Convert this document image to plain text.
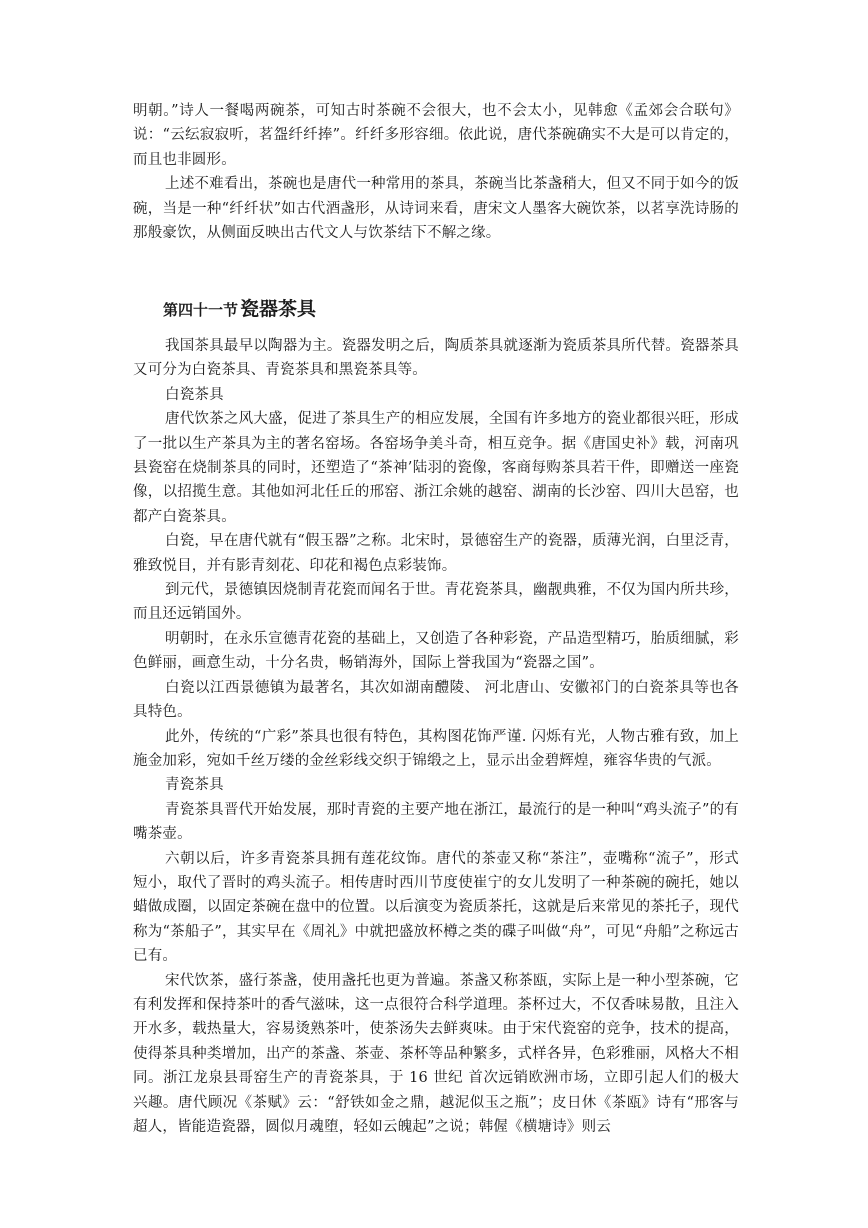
明朝。”诗人一餐喝两碗茶，可知古时茶碗不会很大，也不会太小，见韩愈《孟郊会合联句》说：“云纭寂寂听，茗盌纤纤捧”。纤纤多形容细。依此说，唐代茶碗确实不大是可以肯定的，而且也非圆形。

上述不难看出，茶碗也是唐代一种常用的茶具，茶碗当比茶盏稍大，但又不同于如今的饭碗，当是一种“纤纤状”如古代酒盏形，从诗词来看，唐宋文人墨客大碗饮茶，以茗享洗诗肠的那般豪饮，从侧面反映出古代文人与饮茶结下不解之缘。

第四十一节 瓷器茶具

我国茶具最早以陶器为主。瓷器发明之后，陶质茶具就逐渐为瓷质茶具所代替。瓷器茶具又可分为白瓷茶具、青瓷茶具和黑瓷茶具等。

白瓷茶具

唐代饮茶之风大盛，促进了茶具生产的相应发展，全国有许多地方的瓷业都很兴旺，形成了一批以生产茶具为主的著名窑场。各窑场争美斗奇，相互竞争。据《唐国史补》载，河南巩县瓷窑在烧制茶具的同时，还塑造了“茶神’陆羽的瓷像，客商每购茶具若干件，即赠送一座瓷像，以招揽生意。其他如河北任丘的邢窑、浙江余姚的越窑、湖南的长沙窑、四川大邑窑，也都产白瓷茶具。

白瓷，早在唐代就有“假玉器”之称。北宋时，景德窑生产的瓷器，质薄光润，白里泛青，雅致悦目，并有影青刻花、印花和褐色点彩装饰。

到元代，景德镇因烧制青花瓷而闻名于世。青花瓷茶具，幽靓典雅，不仅为国内所共珍，而且还远销国外。

明朝时，在永乐宣德青花瓷的基础上，又创造了各种彩瓷，产品造型精巧，胎质细腻，彩色鲜丽，画意生动，十分名贵，畅销海外，国际上誉我国为“瓷器之国”。

白瓷以江西景德镇为最著名，其次如湖南醴陵、 河北唐山、安徽祁门的白瓷茶具等也各具特色。

此外，传统的“广彩”茶具也很有特色，其构图花饰严谨. 闪烁有光，人物古雅有致，加上施金加彩，宛如千丝万缕的金丝彩线交织于锦缎之上，显示出金碧辉煌，雍容华贵的气派。

青瓷茶具

青瓷茶具晋代开始发展，那时青瓷的主要产地在浙江，最流行的是一种叫“鸡头流子”的有嘴茶壶。

六朝以后，许多青瓷茶具拥有莲花纹饰。唐代的茶壶又称“茶注”，壶嘴称“流子”，形式短小，取代了晋时的鸡头流子。相传唐时西川节度使崔宁的女儿发明了一种茶碗的碗托，她以蜡做成圈，以固定茶碗在盘中的位置。以后演变为瓷质茶托，这就是后来常见的茶托子，现代称为“茶船子”，其实早在《周礼》中就把盛放杯樽之类的碟子叫做“舟”，可见“舟船”之称远古已有。

宋代饮茶，盛行茶盏，使用盏托也更为普遍。茶盏又称茶瓯，实际上是一种小型茶碗，它有利发挥和保持茶叶的香气滋味，这一点很符合科学道理。茶杯过大，不仅香味易散，且注入开水多，载热量大，容易烫熟茶叶，使茶汤失去鲜爽味。由于宋代瓷窑的竞争，技术的提高，使得茶具种类增加，出产的茶盏、茶壶、茶杯等品种繁多，式样各异，色彩雅丽，风格大不相同。浙江龙泉县哥窑生产的青瓷茶具，于 16 世纪 首次远销欧洲市场，立即引起人们的极大兴趣。唐代顾况《茶赋》云：“舒铁如金之鼎，越泥似玉之瓶”；皮日休《茶瓯》诗有“邢客与超人，皆能造瓷器，圆似月魂堕，轻如云魄起”之说；韩偓《横塘诗》则云
